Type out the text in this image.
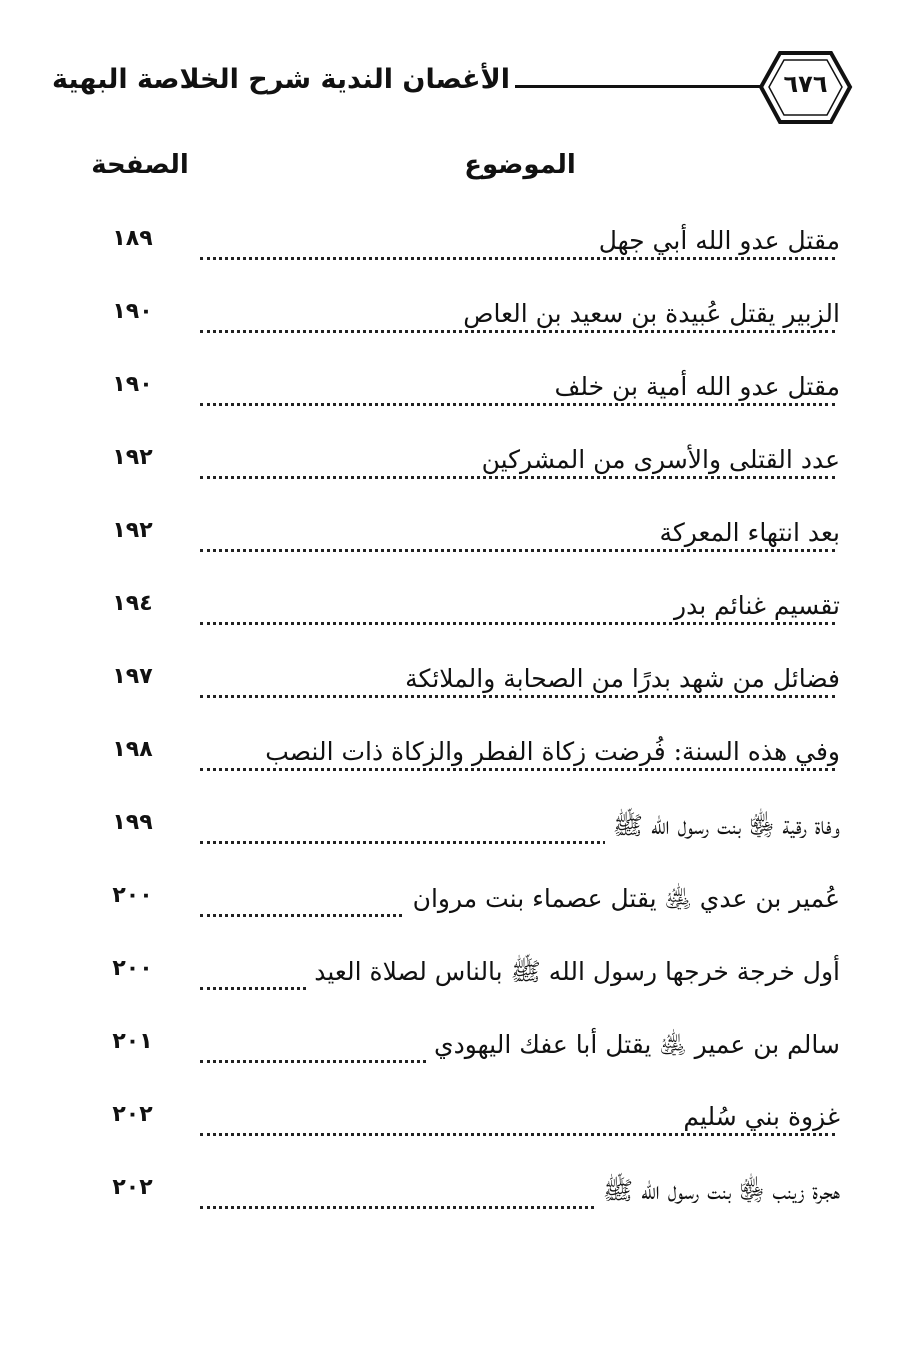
الأغصان الندية شرح الخلاصة البهية	٦٧٦
الموضوع
الصفحة
مقتل عدو الله أبي جهل
١٨٩
الزبير يقتل عُبيدة بن سعيد بن العاص
١٩٠
مقتل عدو الله أمية بن خلف
١٩٠
عدد القتلى والأسرى من المشركين
١٩٢
بعد انتهاء المعركة
١٩٢
تقسيم غنائم بدر
١٩٤
فضائل من شهد بدرًا من الصحابة والملائكة
١٩٧
وفي هذه السنة: فُرضت زكاة الفطر والزكاة ذات النصب
١٩٨
وفاة رقية ﵂ بنت رسول الله ﷺ
١٩٩
عُمير بن عدي ﵁ يقتل عصماء بنت مروان
٢٠٠
أول خرجة خرجها رسول الله ﷺ بالناس لصلاة العيد
٢٠٠
سالم بن عمير ﵁ يقتل أبا عفك اليهودي
٢٠١
غزوة بني سُليم
٢٠٢
هجرة زينب ﵂ بنت رسول الله ﷺ
٢٠٢
